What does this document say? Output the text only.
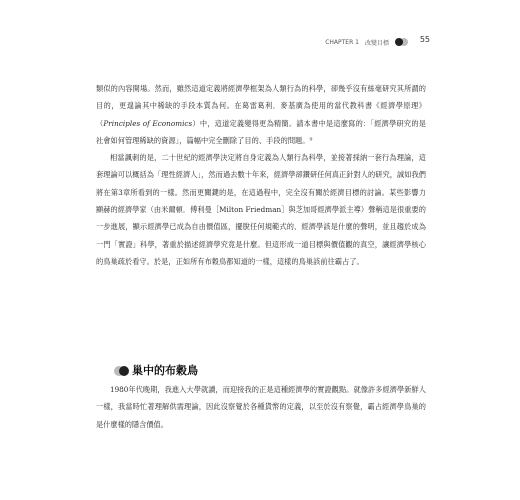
CHAPTER 1 改變目標	55

類似的內容開場。然而，雖然這道定義將經濟學框架為人類行為的科學，卻幾乎沒有絲毫研究其所謂的目的，更遑論其中稀缺的手段本質為何。在葛雷葛利．麥基廣為使用的當代教科書《經濟學原理》（Principles of Economics）中，這道定義變得更為精簡。請本書中是這麼寫的：「經濟學研究的是社會如何管理稀缺的資源」，篇幅中完全刪除了目的、手段的問題。⁹

相當諷刺的是，二十世紀的經濟學決定將自身定義為人類行為科學，並接著採納一套行為理論，這套理論可以概括為「理性經濟人」，然而過去數十年來，經濟學卻鑽研任何真正針對人的研究，誠如我們將在第3章所看到的一樣。然而更關鍵的是，在這過程中，完全沒有關於經濟目標的討論。某些影響力顯赫的經濟學家（由米爾頓．傅利曼［Milton Friedman］與芝加哥經濟學派主導）聲稱這是很重要的一步進展，顯示經濟學已成為自由價值區，擺脫任何規範式的、經濟學該是什麼的聲明，並且趨於成為一門「實證」科學，著重於描述經濟學究竟是什麼。但這形成一道目標與價值觀的真空，讓經濟學核心的鳥巢疏於看守。於是，正如所有布穀鳥都知道的一樣，這樣的鳥巢該前往霸占了。

巢中的布穀鳥

1980年代晚期，我進入大學就讀，而迎接我的正是這種經濟學的實證觀點。就像許多經濟學新鮮人一樣，我當時忙著理解供需理論，因此沒察覺於各種貨幣的定義，以至於沒有察覺，霸占經濟學鳥巢的是什麼樣的隱含價值。
